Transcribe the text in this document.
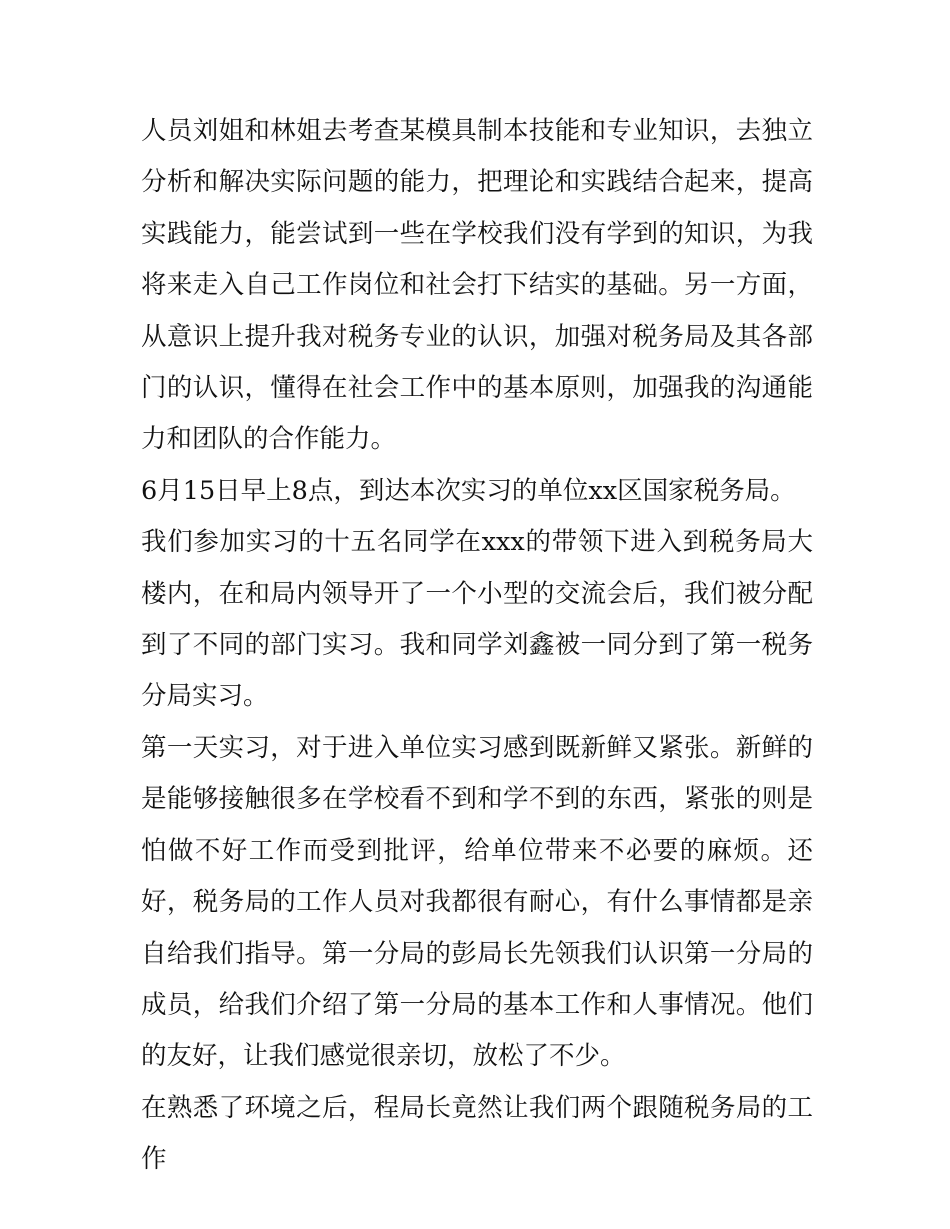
人员刘姐和林姐去考查某模具制本技能和专业知识，去独立分析和解决实际问题的能力，把理论和实践结合起来，提高实践能力，能尝试到一些在学校我们没有学到的知识，为我将来走入自己工作岗位和社会打下结实的基础。另一方面，从意识上提升我对税务专业的认识，加强对税务局及其各部门的认识，懂得在社会工作中的基本原则，加强我的沟通能力和团队的合作能力。

6月15日早上8点，到达本次实习的单位xx区国家税务局。

我们参加实习的十五名同学在xxx的带领下进入到税务局大楼内，在和局内领导开了一个小型的交流会后，我们被分配到了不同的部门实习。我和同学刘鑫被一同分到了第一税务分局实习。

第一天实习，对于进入单位实习感到既新鲜又紧张。新鲜的是能够接触很多在学校看不到和学不到的东西，紧张的则是怕做不好工作而受到批评，给单位带来不必要的麻烦。还好，税务局的工作人员对我都很有耐心，有什么事情都是亲自给我们指导。第一分局的彭局长先领我们认识第一分局的成员，给我们介绍了第一分局的基本工作和人事情况。他们的友好，让我们感觉很亲切，放松了不少。

在熟悉了环境之后，程局长竟然让我们两个跟随税务局的工作
